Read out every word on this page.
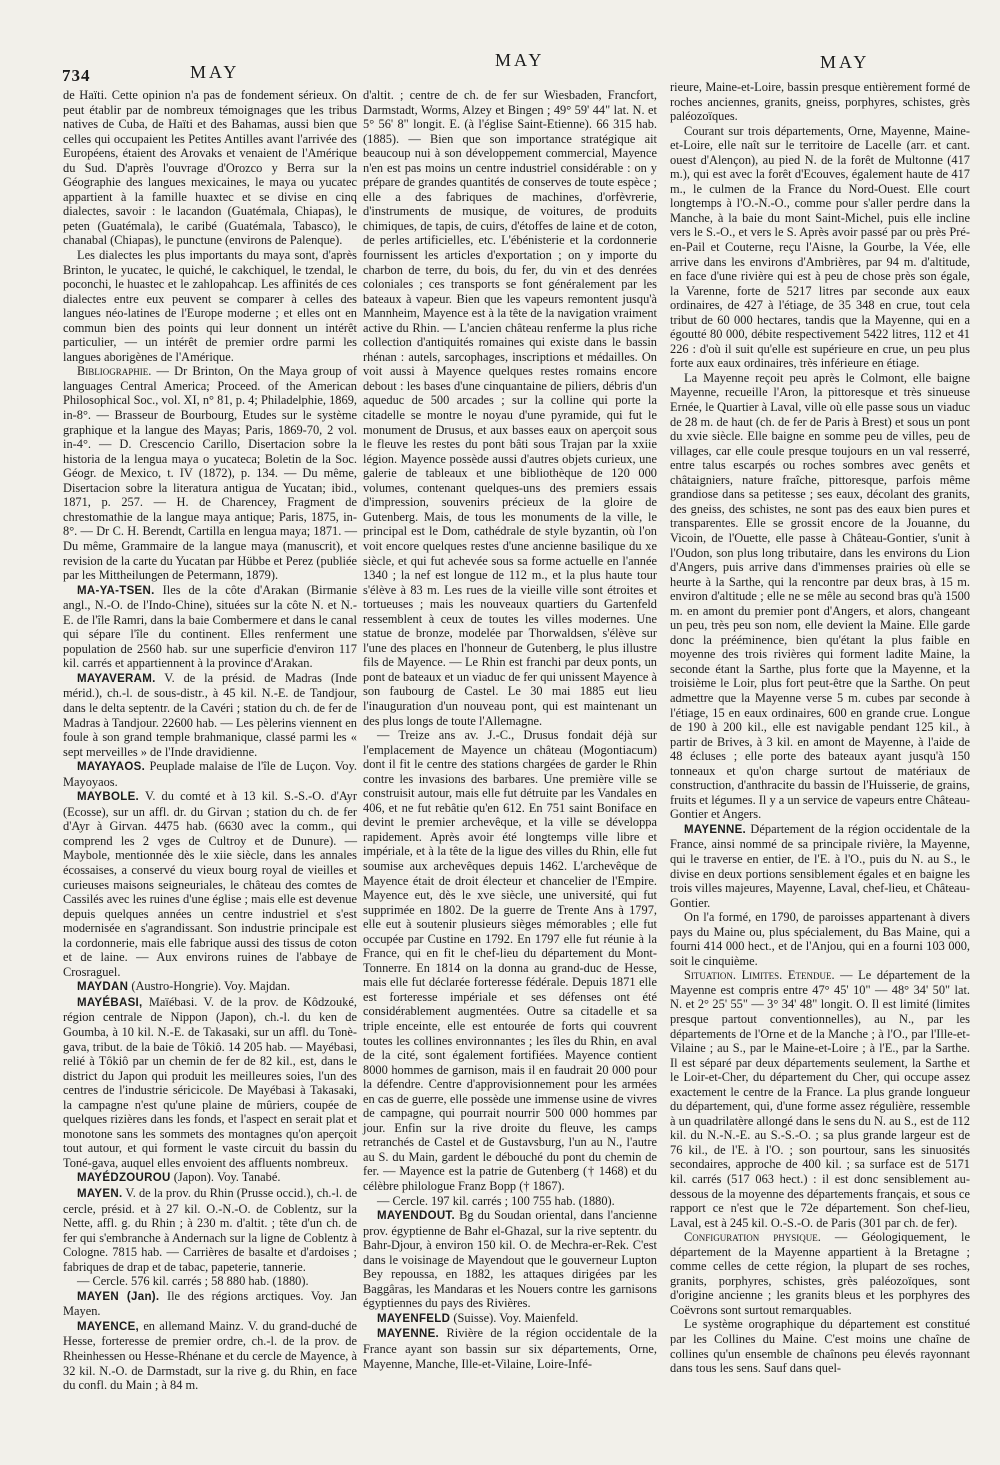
734	MAY
MAY	MAY

de Haïti. Cette opinion n'a pas de fondement sérieux. On peut établir par de nombreux témoignages que les tribus natives de Cuba, de Haïti et des Bahamas, aussi bien que celles qui occupaient les Petites Antilles avant l'arrivée des Européens, étaient des Arovaks et venaient de l'Amérique du Sud. D'après l'ouvrage d'Orozco y Berra sur la Géographie des langues mexicaines, le maya ou yucatec appartient à la famille huaxtec et se divise en cinq dialectes, savoir : le lacandon (Guatémala, Chiapas), le peten (Guatémala), le caribé (Guatémala, Tabasco), le chanabal (Chiapas), le punctune (environs de Palenque).

Les dialectes les plus importants du maya sont, d'après Brinton, le yucatec, le quiché, le cakchiquel, le tzendal, le poconchi, le huastec et le zahlopahcap. Les affinités de ces dialectes entre eux peuvent se comparer à celles des langues néo-latines de l'Europe moderne ; et elles ont en commun bien des points qui leur donnent un intérêt particulier, — un intérêt de premier ordre parmi les langues aborigènes de l'Amérique.

Bibliographie. — Dr Brinton, On the Maya group of languages Central America; Proceed. of the American Philosophical Soc., vol. XI, n° 81, p. 4; Philadelphie, 1869, in-8°. — Brasseur de Bourbourg, Etudes sur le système graphique et la langue des Mayas; Paris, 1869-70, 2 vol. in-4°. — D. Crescencio Carillo, Disertacion sobre la historia de la lengua maya o yucateca; Boletin de la Soc. Géogr. de Mexico, t. IV (1872), p. 134. — Du même, Disertacion sobre la literatura antigua de Yucatan; ibid., 1871, p. 257. — H. de Charencey, Fragment de chrestomathie de la langue maya antique; Paris, 1875, in-8°. — Dr C. H. Berendt, Cartilla en lengua maya; 1871. — Du même, Grammaire de la langue maya (manuscrit), et revision de la carte du Yucatan par Hübbe et Perez (publiée par les Mittheilungen de Petermann, 1879).

MA-YA-TSEN. Iles de la côte d'Arakan (Birmanie angl., N.-O. de l'Indo-Chine), situées sur la côte N. et N.-E. de l'île Ramri, dans la baie Combermere et dans le canal qui sépare l'île du continent. Elles renferment une population de 2560 hab. sur une superficie d'environ 117 kil. carrés et appartiennent à la province d'Arakan.

MAYAVERAM. V. de la présid. de Madras (Inde mérid.), ch.-l. de sous-distr., à 45 kil. N.-E. de Tandjour, dans le delta septentr. de la Cavéri ; station du ch. de fer de Madras à Tandjour. 22600 hab. — Les pèlerins viennent en foule à son grand temple brahmanique, classé parmi les « sept merveilles » de l'Inde dravidienne.

MAYAYAOS. Peuplade malaise de l'île de Luçon. Voy. Mayoyaos.

MAYBOLE. V. du comté et à 13 kil. S.-S.-O. d'Ayr (Ecosse), sur un affl. dr. du Girvan ; station du ch. de fer d'Ayr à Girvan. 4475 hab. (6630 avec la comm., qui comprend les 2 vges de Cultroy et de Dunure). — Maybole, mentionnée dès le xiie siècle, dans les annales écossaises, a conservé du vieux bourg royal de vieilles et curieuses maisons seigneuriales, le château des comtes de Cassilés avec les ruines d'une église ; mais elle est devenue depuis quelques années un centre industriel et s'est modernisée en s'agrandissant. Son industrie principale est la cordonnerie, mais elle fabrique aussi des tissus de coton et de laine. — Aux environs ruines de l'abbaye de Crosraguel.

MAYDAN (Austro-Hongrie). Voy. Majdan.

MAYÉBASI, Maïébasi. V. de la prov. de Kôdzouké, région centrale de Nippon (Japon), ch.-l. du ken de Goumba, à 10 kil. N.-E. de Takasaki, sur un affl. du Tonè-gava, tribut. de la baie de Tôkiô. 14 205 hab. — Mayébasi, relié à Tôkiô par un chemin de fer de 82 kil., est, dans le district du Japon qui produit les meilleures soies, l'un des centres de l'industrie séricicole. De Mayébasi à Takasaki, la campagne n'est qu'une plaine de mûriers, coupée de quelques rizières dans les fonds, et l'aspect en serait plat et monotone sans les sommets des montagnes qu'on aperçoit tout autour, et qui forment le vaste circuit du bassin du Toné-gava, auquel elles envoient des affluents nombreux.

MAYÉDZOUROU (Japon). Voy. Tanabé.

MAYEN. V. de la prov. du Rhin (Prusse occid.), ch.-l. de cercle, présid. et à 27 kil. O.-N.-O. de Coblentz, sur la Nette, affl. g. du Rhin ; à 230 m. d'altit. ; tête d'un ch. de fer qui s'embranche à Andernach sur la ligne de Coblentz à Cologne. 7815 hab. — Carrières de basalte et d'ardoises ; fabriques de drap et de tabac, papeterie, tannerie.

— Cercle. 576 kil. carrés ; 58 880 hab. (1880).

MAYEN (Jan). Ile des régions arctiques. Voy. Jan Mayen.

MAYENCE, en allemand Mainz. V. du grand-duché de Hesse, forteresse de premier ordre, ch.-l. de la prov. de Rheinhessen ou Hesse-Rhénane et du cercle de Mayence, à 32 kil. N.-O. de Darmstadt, sur la rive g. du Rhin, en face du confl. du Main ; à 84 m.

d'altit. ; centre de ch. de fer sur Wiesbaden, Francfort, Darmstadt, Worms, Alzey et Bingen ; 49° 59' 44" lat. N. et 5° 56' 8" longit. E. (à l'église Saint-Etienne). 66 315 hab. (1885). — Bien que son importance stratégique ait beaucoup nui à son développement commercial, Mayence n'en est pas moins un centre industriel considérable : on y prépare de grandes quantités de conserves de toute espèce ; elle a des fabriques de machines, d'orfèvrerie, d'instruments de musique, de voitures, de produits chimiques, de tapis, de cuirs, d'étoffes de laine et de coton, de perles artificielles, etc. L'ébénisterie et la cordonnerie fournissent les articles d'exportation ; on y importe du charbon de terre, du bois, du fer, du vin et des denrées coloniales ; ces transports se font généralement par les bateaux à vapeur. Bien que les vapeurs remontent jusqu'à Mannheim, Mayence est à la tête de la navigation vraiment active du Rhin. — L'ancien château renferme la plus riche collection d'antiquités romaines qui existe dans le bassin rhénan : autels, sarcophages, inscriptions et médailles. On voit aussi à Mayence quelques restes romains encore debout : les bases d'une cinquantaine de piliers, débris d'un aqueduc de 500 arcades ; sur la colline qui porte la citadelle se montre le noyau d'une pyramide, qui fut le monument de Drusus, et aux basses eaux on aperçoit sous le fleuve les restes du pont bâti sous Trajan par la xxiie légion. Mayence possède aussi d'autres objets curieux, une galerie de tableaux et une bibliothèque de 120 000 volumes, contenant quelques-uns des premiers essais d'impression, souvenirs précieux de la gloire de Gutenberg. Mais, de tous les monuments de la ville, le principal est le Dom, cathédrale de style byzantin, où l'on voit encore quelques restes d'une ancienne basilique du xe siècle, et qui fut achevée sous sa forme actuelle en l'année 1340 ; la nef est longue de 112 m., et la plus haute tour s'élève à 83 m. Les rues de la vieille ville sont étroites et tortueuses ; mais les nouveaux quartiers du Gartenfeld ressemblent à ceux de toutes les villes modernes. Une statue de bronze, modelée par Thorwaldsen, s'élève sur l'une des places en l'honneur de Gutenberg, le plus illustre fils de Mayence. — Le Rhin est franchi par deux ponts, un pont de bateaux et un viaduc de fer qui unissent Mayence à son faubourg de Castel. Le 30 mai 1885 eut lieu l'inauguration d'un nouveau pont, qui est maintenant un des plus longs de toute l'Allemagne.

— Treize ans av. J.-C., Drusus fondait déjà sur l'emplacement de Mayence un château (Mogontiacum) dont il fit le centre des stations chargées de garder le Rhin contre les invasions des barbares. Une première ville se construisit autour, mais elle fut détruite par les Vandales en 406, et ne fut rebâtie qu'en 612. En 751 saint Boniface en devint le premier archevêque, et la ville se développa rapidement. Après avoir été longtemps ville libre et impériale, et à la tête de la ligue des villes du Rhin, elle fut soumise aux archevêques depuis 1462. L'archevêque de Mayence était de droit électeur et chancelier de l'Empire. Mayence eut, dès le xve siècle, une université, qui fut supprimée en 1802. De la guerre de Trente Ans à 1797, elle eut à soutenir plusieurs sièges mémorables ; elle fut occupée par Custine en 1792. En 1797 elle fut réunie à la France, qui en fit le chef-lieu du département du Mont-Tonnerre. En 1814 on la donna au grand-duc de Hesse, mais elle fut déclarée forteresse fédérale. Depuis 1871 elle est forteresse impériale et ses défenses ont été considérablement augmentées. Outre sa citadelle et sa triple enceinte, elle est entourée de forts qui couvrent toutes les collines environnantes ; les îles du Rhin, en aval de la cité, sont également fortifiées. Mayence contient 8000 hommes de garnison, mais il en faudrait 20 000 pour la défendre. Centre d'approvisionnement pour les armées en cas de guerre, elle possède une immense usine de vivres de campagne, qui pourrait nourrir 500 000 hommes par jour. Enfin sur la rive droite du fleuve, les camps retranchés de Castel et de Gustavsburg, l'un au N., l'autre au S. du Main, gardent le débouché du pont du chemin de fer. — Mayence est la patrie de Gutenberg († 1468) et du célèbre philologue Franz Bopp († 1867).

— Cercle. 197 kil. carrés ; 100 755 hab. (1880).

MAYENDOUT. Bg du Soudan oriental, dans l'ancienne prov. égyptienne de Bahr el-Ghazal, sur la rive septentr. du Bahr-Djour, à environ 150 kil. O. de Mechra-er-Rek. C'est dans le voisinage de Mayendout que le gouverneur Lupton Bey repoussa, en 1882, les attaques dirigées par les Baggâras, les Mandaras et les Nouers contre les garnisons égyptiennes du pays des Rivières.

MAYENFELD (Suisse). Voy. Maienfeld.

MAYENNE. Rivière de la région occidentale de la France ayant son bassin sur six départements, Orne, Mayenne, Manche, Ille-et-Vilaine, Loire-Infé-

rieure, Maine-et-Loire, bassin presque entièrement formé de roches anciennes, granits, gneiss, porphyres, schistes, grès paléozoïques.

Courant sur trois départements, Orne, Mayenne, Maine-et-Loire, elle naît sur le territoire de Lacelle (arr. et cant. ouest d'Alençon), au pied N. de la forêt de Multonne (417 m.), qui est avec la forêt d'Ecouves, également haute de 417 m., le culmen de la France du Nord-Ouest. Elle court longtemps à l'O.-N.-O., comme pour s'aller perdre dans la Manche, à la baie du mont Saint-Michel, puis elle incline vers le S.-O., et vers le S. Après avoir passé par ou près Pré-en-Pail et Couterne, reçu l'Aisne, la Gourbe, la Vée, elle arrive dans les environs d'Ambrières, par 94 m. d'altitude, en face d'une rivière qui est à peu de chose près son égale, la Varenne, forte de 5217 litres par seconde aux eaux ordinaires, de 427 à l'étiage, de 35 348 en crue, tout cela tribut de 60 000 hectares, tandis que la Mayenne, qui en a égoutté 80 000, débite respectivement 5422 litres, 112 et 41 226 : d'où il suit qu'elle est supérieure en crue, un peu plus forte aux eaux ordinaires, très inférieure en étiage.

La Mayenne reçoit peu après le Colmont, elle baigne Mayenne, recueille l'Aron, la pittoresque et très sinueuse Ernée, le Quartier à Laval, ville où elle passe sous un viaduc de 28 m. de haut (ch. de fer de Paris à Brest) et sous un pont du xvie siècle. Elle baigne en somme peu de villes, peu de villages, car elle coule presque toujours en un val resserré, entre talus escarpés ou roches sombres avec genêts et châtaigniers, nature fraîche, pittoresque, parfois même grandiose dans sa petitesse ; ses eaux, décolant des granits, des gneiss, des schistes, ne sont pas des eaux bien pures et transparentes. Elle se grossit encore de la Jouanne, du Vicoin, de l'Ouette, elle passe à Château-Gontier, s'unit à l'Oudon, son plus long tributaire, dans les environs du Lion d'Angers, puis arrive dans d'immenses prairies où elle se heurte à la Sarthe, qui la rencontre par deux bras, à 15 m. environ d'altitude ; elle ne se mêle au second bras qu'à 1500 m. en amont du premier pont d'Angers, et alors, changeant un peu, très peu son nom, elle devient la Maine. Elle garde donc la prééminence, bien qu'étant la plus faible en moyenne des trois rivières qui forment ladite Maine, la seconde étant la Sarthe, plus forte que la Mayenne, et la troisième le Loir, plus fort peut-être que la Sarthe. On peut admettre que la Mayenne verse 5 m. cubes par seconde à l'étiage, 15 en eaux ordinaires, 600 en grande crue. Longue de 190 à 200 kil., elle est navigable pendant 125 kil., à partir de Brives, à 3 kil. en amont de Mayenne, à l'aide de 48 écluses ; elle porte des bateaux ayant jusqu'à 150 tonneaux et qu'on charge surtout de matériaux de construction, d'anthracite du bassin de l'Huisserie, de grains, fruits et légumes. Il y a un service de vapeurs entre Château-Gontier et Angers.

MAYENNE. Département de la région occidentale de la France, ainsi nommé de sa principale rivière, la Mayenne, qui le traverse en entier, de l'E. à l'O., puis du N. au S., le divise en deux portions sensiblement égales et en baigne les trois villes majeures, Mayenne, Laval, chef-lieu, et Château-Gontier.

On l'a formé, en 1790, de paroisses appartenant à divers pays du Maine ou, plus spécialement, du Bas Maine, qui a fourni 414 000 hect., et de l'Anjou, qui en a fourni 103 000, soit le cinquième.

Situation. Limites. Etendue. — Le département de la Mayenne est compris entre 47° 45' 10" — 48° 34' 50" lat. N. et 2° 25' 55" — 3° 34' 48" longit. O. Il est limité (limites presque partout conventionnelles), au N., par les départements de l'Orne et de la Manche ; à l'O., par l'Ille-et-Vilaine ; au S., par le Maine-et-Loire ; à l'E., par la Sarthe. Il est séparé par deux départements seulement, la Sarthe et le Loir-et-Cher, du département du Cher, qui occupe assez exactement le centre de la France. La plus grande longueur du département, qui, d'une forme assez régulière, ressemble à un quadrilatère allongé dans le sens du N. au S., est de 112 kil. du N.-N.-E. au S.-S.-O. ; sa plus grande largeur est de 76 kil., de l'E. à l'O. ; son pourtour, sans les sinuosités secondaires, approche de 400 kil. ; sa surface est de 5171 kil. carrés (517 063 hect.) : il est donc sensiblement au-dessous de la moyenne des départements français, et sous ce rapport ce n'est que le 72e département. Son chef-lieu, Laval, est à 245 kil. O.-S.-O. de Paris (301 par ch. de fer).

Configuration physique. — Géologiquement, le département de la Mayenne appartient à la Bretagne ; comme celles de cette région, la plupart de ses roches, granits, porphyres, schistes, grès paléozoïques, sont d'origine ancienne ; les granits bleus et les porphyres des Coëvrons sont surtout remarquables.

Le système orographique du département est constitué par les Collines du Maine. C'est moins une chaîne de collines qu'un ensemble de chaînons peu élevés rayonnant dans tous les sens. Sauf dans quel-
